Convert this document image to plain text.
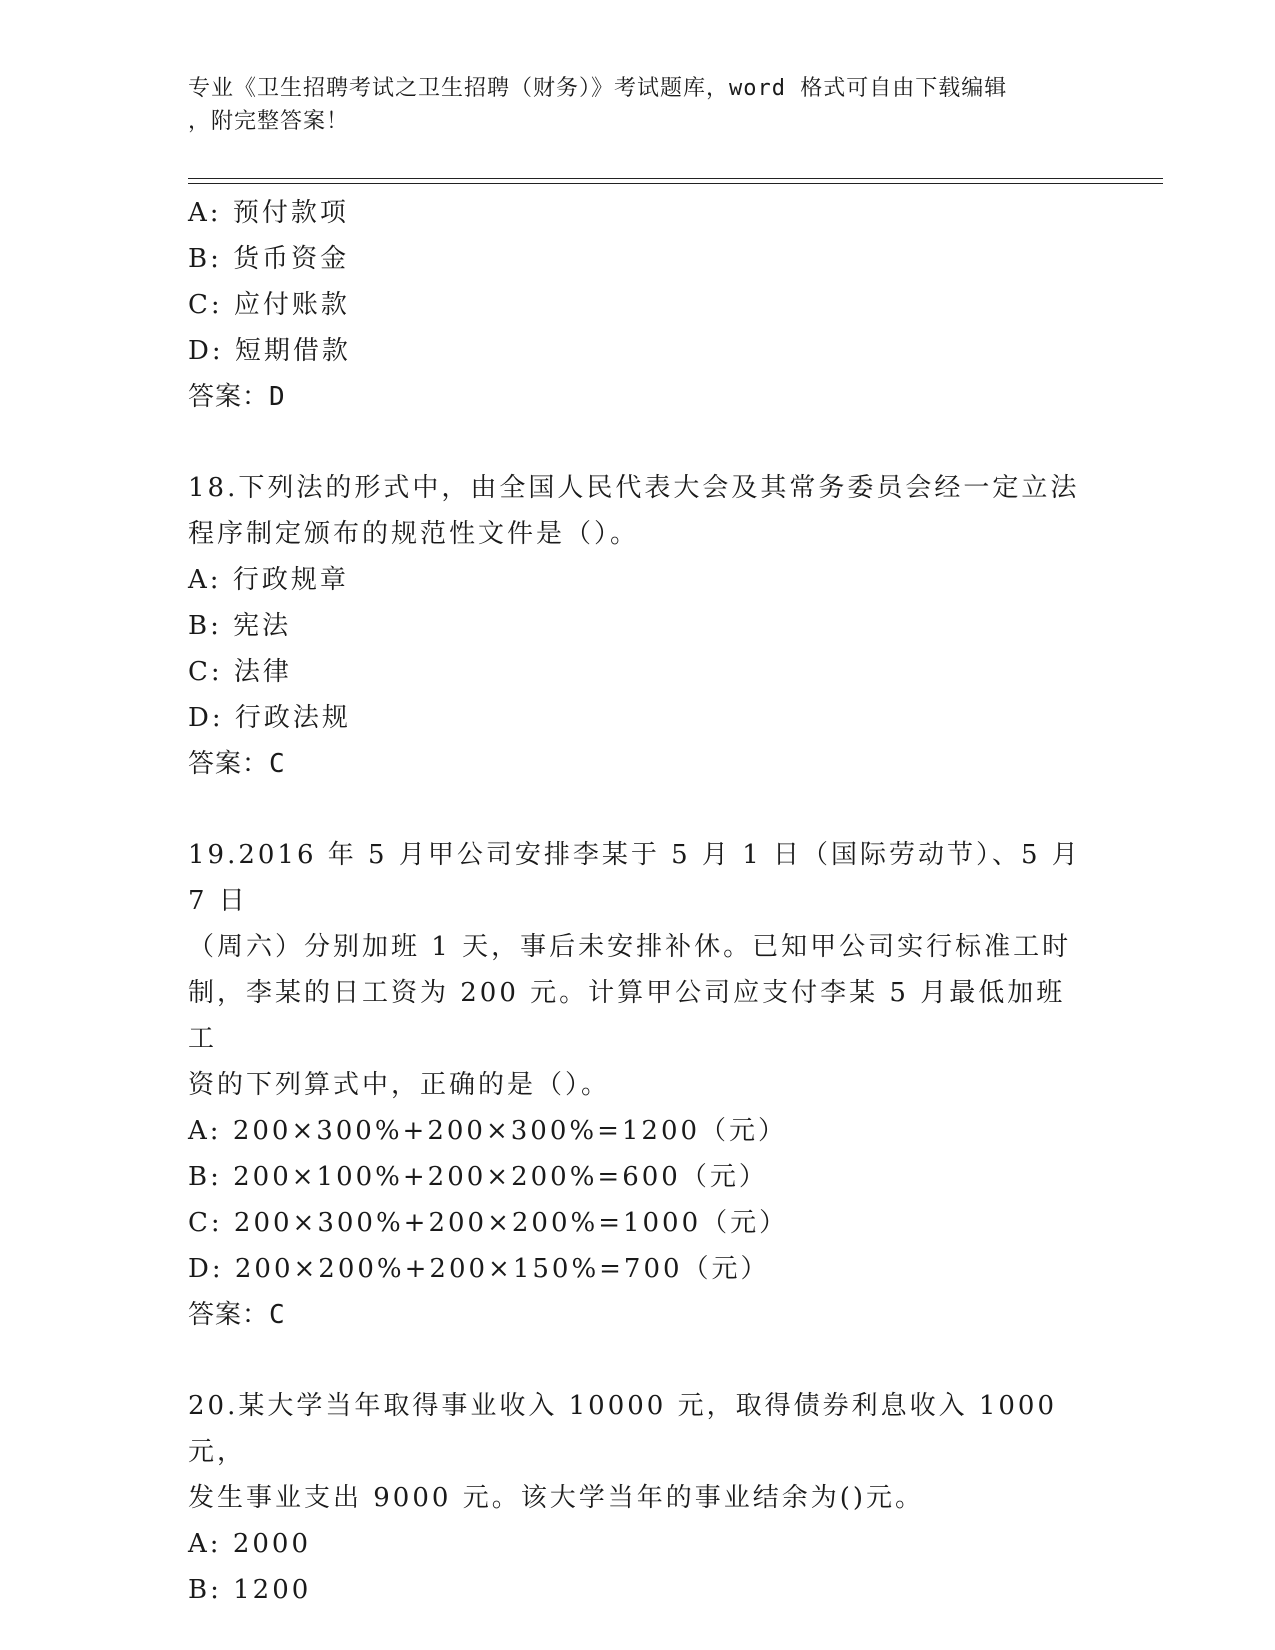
专业《卫生招聘考试之卫生招聘（财务）》考试题库，word 格式可自由下载编辑
，附完整答案！
A: 预付款项
B: 货币资金
C: 应付账款
D: 短期借款
答案：D
18.下列法的形式中，由全国人民代表大会及其常务委员会经一定立法
程序制定颁布的规范性文件是（）。
A: 行政规章
B: 宪法
C: 法律
D: 行政法规
答案：C
19.2016 年 5 月甲公司安排李某于 5 月 1 日（国际劳动节）、5 月 7 日
（周六）分别加班 1 天，事后未安排补休。已知甲公司实行标准工时
制，李某的日工资为 200 元。计算甲公司应支付李某 5 月最低加班工
资的下列算式中，正确的是（）。
A: 200×300%+200×300%=1200（元）
B: 200×100%+200×200%=600（元）
C: 200×300%+200×200%=1000（元）
D: 200×200%+200×150%=700（元）
答案：C
20.某大学当年取得事业收入 10000 元，取得债券利息收入 1000 元，
发生事业支出 9000 元。该大学当年的事业结余为()元。
A: 2000
B: 1200
